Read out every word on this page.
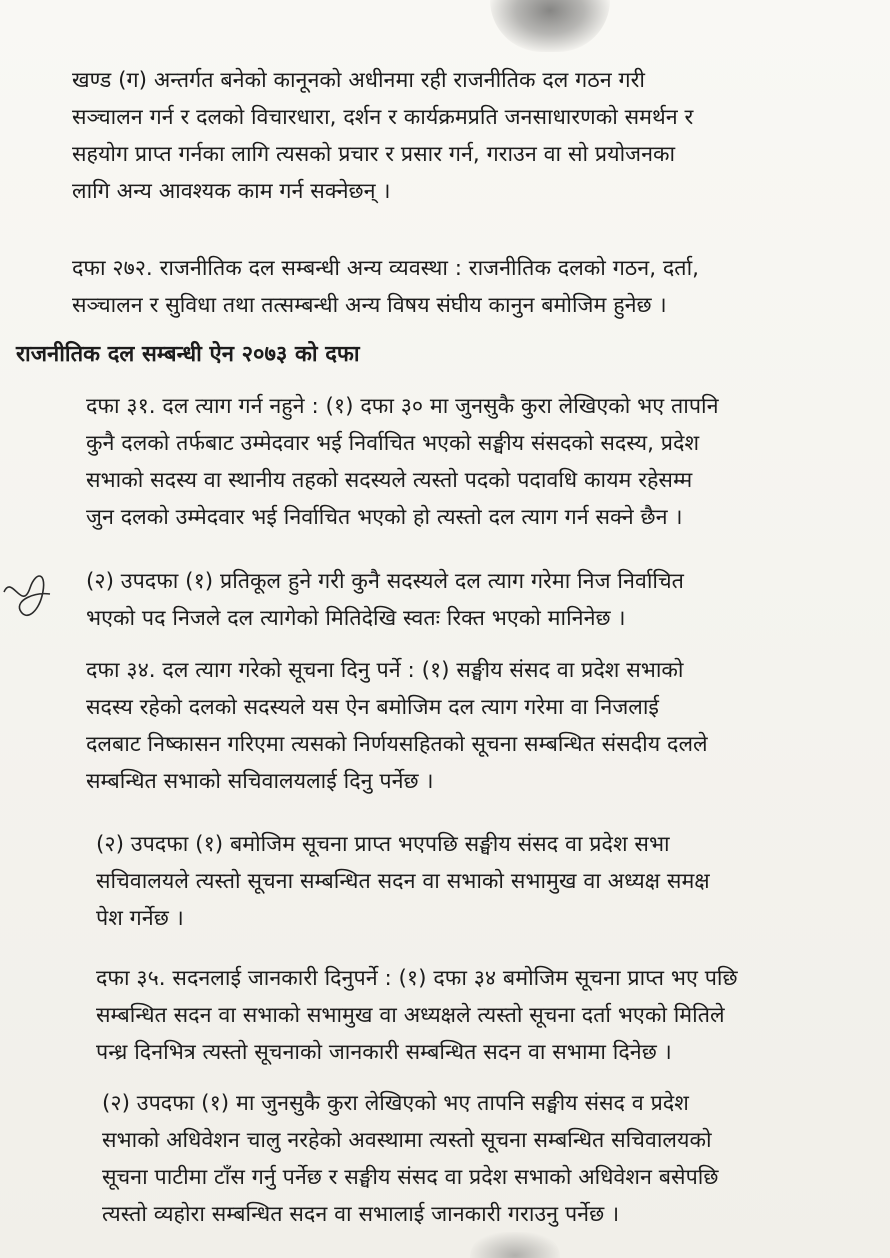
खण्ड (ग) अन्तर्गत बनेको कानूनको अधीनमा रही राजनीतिक दल गठन गरी
सञ्चालन गर्न र दलको विचारधारा, दर्शन र कार्यक्रमप्रति जनसाधारणको समर्थन र
सहयोग प्राप्त गर्नका लागि त्यसको प्रचार र प्रसार गर्न, गराउन वा सो प्रयोजनका
लागि अन्य आवश्यक काम गर्न सक्नेछन् ।
दफा २७२. राजनीतिक दल सम्बन्धी अन्य व्यवस्था : राजनीतिक दलको गठन, दर्ता,
सञ्चालन र सुविधा तथा तत्सम्बन्धी अन्य विषय संघीय कानुन बमोजिम हुनेछ ।
राजनीतिक दल सम्बन्धी ऐन २०७३ को दफा
दफा ३१. दल त्याग गर्न नहुने : (१) दफा ३० मा जुनसुकै कुरा लेखिएको भए तापनि
कुनै दलको तर्फबाट उम्मेदवार भई निर्वाचित भएको सङ्घीय संसदको सदस्य, प्रदेश
सभाको सदस्य वा स्थानीय तहको सदस्यले त्यस्तो पदको पदावधि कायम रहेसम्म
जुन दलको उम्मेदवार भई निर्वाचित भएको हो त्यस्तो दल त्याग गर्न सक्ने छैन ।
(२) उपदफा (१) प्रतिकूल हुने गरी कुनै सदस्यले दल त्याग गरेमा निज निर्वाचित
भएको पद निजले दल त्यागेको मितिदेखि स्वतः रिक्त भएको मानिनेछ ।
दफा ३४. दल त्याग गरेको सूचना दिनु पर्ने : (१) सङ्घीय संसद वा प्रदेश सभाको
सदस्य रहेको दलको सदस्यले यस ऐन बमोजिम दल त्याग गरेमा वा निजलाई
दलबाट निष्कासन गरिएमा त्यसको निर्णयसहितको सूचना सम्बन्धित संसदीय दलले
सम्बन्धित सभाको सचिवालयलाई दिनु पर्नेछ ।
(२) उपदफा (१) बमोजिम सूचना प्राप्त भएपछि सङ्घीय संसद वा प्रदेश सभा
सचिवालयले त्यस्तो सूचना सम्बन्धित सदन वा सभाको सभामुख वा अध्यक्ष समक्ष
पेश गर्नेछ ।
दफा ३५. सदनलाई जानकारी दिनुपर्ने : (१) दफा ३४ बमोजिम सूचना प्राप्त भए पछि
सम्बन्धित सदन वा सभाको सभामुख वा अध्यक्षले त्यस्तो सूचना दर्ता भएको मितिले
पन्ध्र दिनभित्र त्यस्तो सूचनाको जानकारी सम्बन्धित सदन वा सभामा दिनेछ ।
(२) उपदफा (१) मा जुनसुकै कुरा लेखिएको भए तापनि सङ्घीय संसद व प्रदेश
सभाको अधिवेशन चालु नरहेको अवस्थामा त्यस्तो सूचना सम्बन्धित सचिवालयको
सूचना पाटीमा टाँस गर्नु पर्नेछ र सङ्घीय संसद वा प्रदेश सभाको अधिवेशन बसेपछि
त्यस्तो व्यहोरा सम्बन्धित सदन वा सभालाई जानकारी गराउनु पर्नेछ ।
